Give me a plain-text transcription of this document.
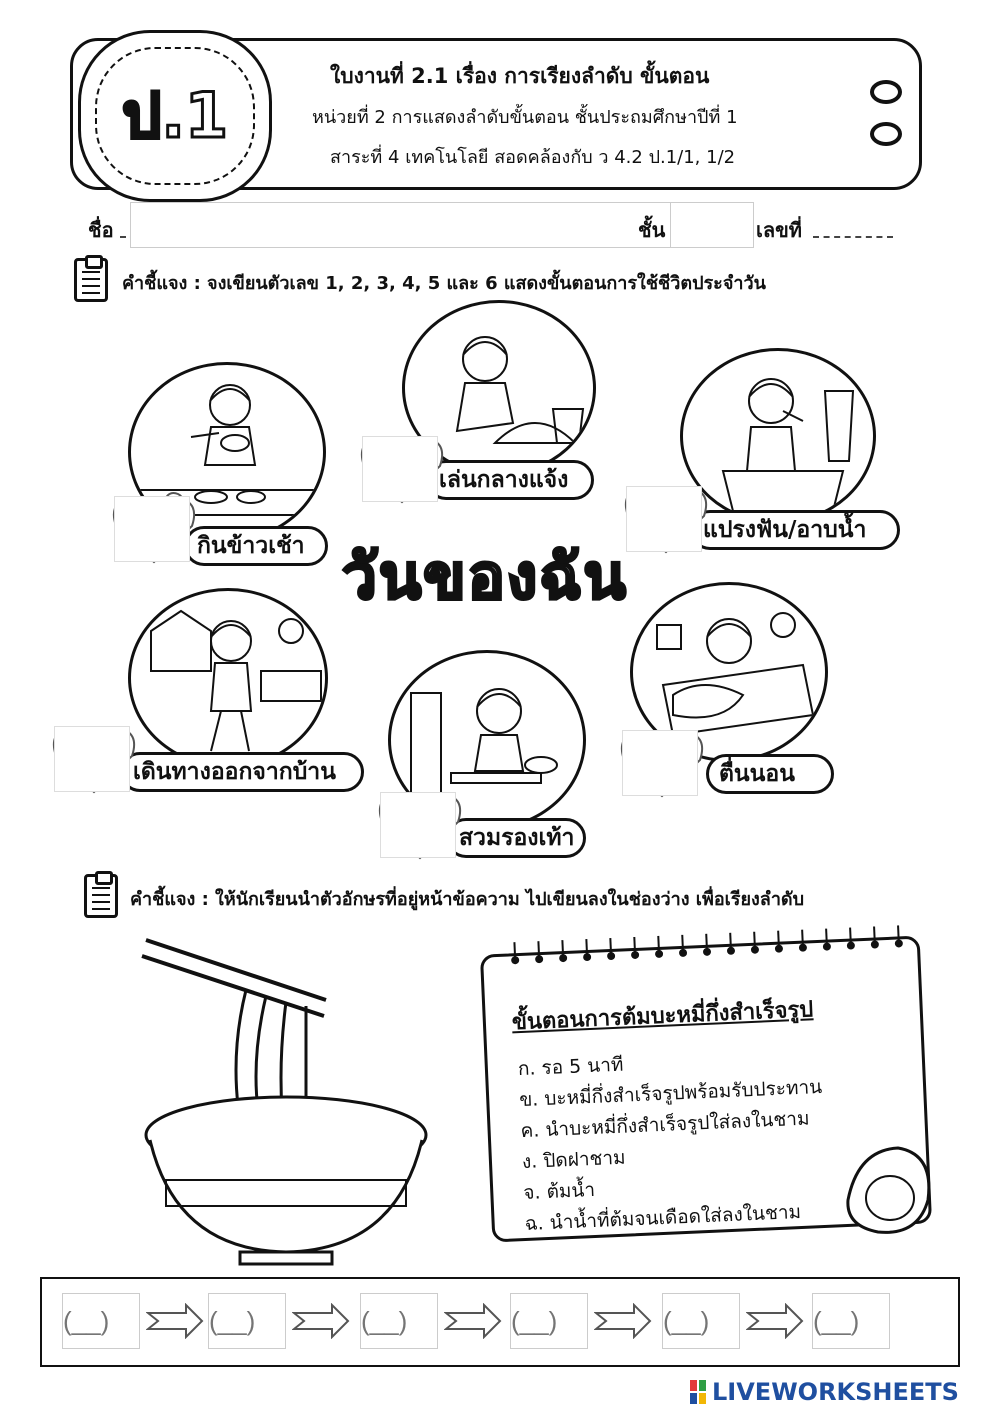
ป.1
ใบงานที่ 2.1 เรื่อง การเรียงลำดับ ขั้นตอน
หน่วยที่ 2 การแสดงลำดับขั้นตอน ชั้นประถมศึกษาปีที่ 1
สาระที่ 4 เทคโนโลยี สอดคล้องกับ ว 4.2 ป.1/1, 1/2
ชื่อ	ชั้น	เลขที่
คำชี้แจง : จงเขียนตัวเลข 1, 2, 3, 4, 5 และ 6 แสดงขั้นตอนการใช้ชีวิตประจำวัน
กินข้าวเช้า
เล่นกลางแจ้ง
แปรงฟัน/อาบน้ำ
เดินทางออกจากบ้าน
สวมรองเท้า
ตื่นนอน
วันของฉัน
คำชี้แจง : ให้นักเรียนนำตัวอักษรที่อยู่หน้าข้อความ ไปเขียนลงในช่องว่าง เพื่อเรียงลำดับ
ขั้นตอนการต้มบะหมี่กึ่งสำเร็จรูป
ก. รอ 5 นาที
ข. บะหมี่กึ่งสำเร็จรูปพร้อมรับประทาน
ค. นำบะหมี่กึ่งสำเร็จรูปใส่ลงในชาม
ง. ปิดฝาชาม
จ. ต้มน้ำ
ฉ. นำน้ำที่ต้มจนเดือดใส่ลงในชาม
(__)
(__)
(__)
(__)
(__)
(__)
LIVEWORKSHEETS
